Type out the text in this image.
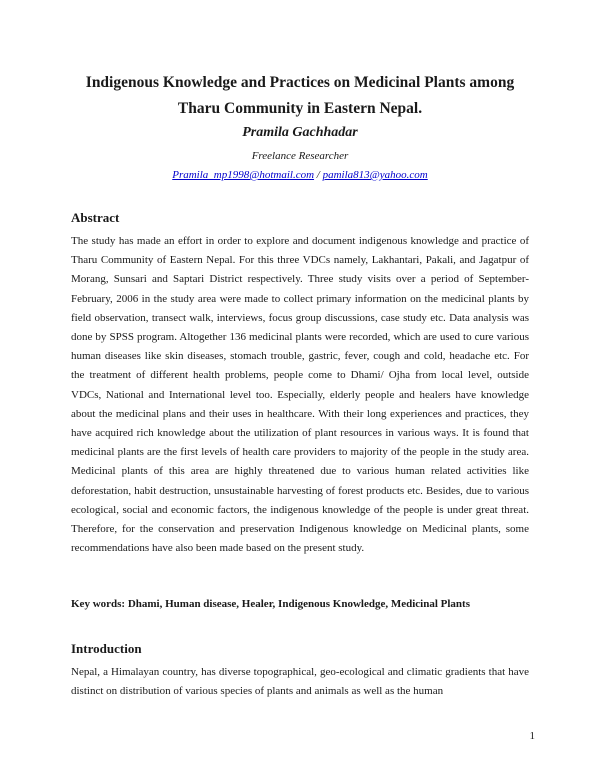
Indigenous Knowledge and Practices on Medicinal Plants among
Tharu Community in Eastern Nepal.

Pramila Gachhadar

Freelance Researcher

Pramila_mp1998@hotmail.com / pamila813@yahoo.com

Abstract

The study has made an effort in order to explore and document indigenous knowledge and practice of Tharu Community of Eastern Nepal. For this three VDCs namely, Lakhantari, Pakali, and Jagatpur of Morang, Sunsari and Saptari District respectively. Three study visits over a period of September-February, 2006 in the study area were made to collect primary information on the medicinal plants by field observation, transect walk, interviews, focus group discussions, case study etc. Data analysis was done by SPSS program. Altogether 136 medicinal plants were recorded, which are used to cure various human diseases like skin diseases, stomach trouble, gastric, fever, cough and cold, headache etc. For the treatment of different health problems, people come to Dhami/ Ojha from local level, outside VDCs, National and International level too. Especially, elderly people and healers have knowledge about the medicinal plans and their uses in healthcare. With their long experiences and practices, they have acquired rich knowledge about the utilization of plant resources in various ways. It is found that medicinal plants are the first levels of health care providers to majority of the people in the study area. Medicinal plants of this area are highly threatened due to various human related activities like deforestation, habit destruction, unsustainable harvesting of forest products etc. Besides, due to various ecological, social and economic factors, the indigenous knowledge of the people is under great threat. Therefore, for the conservation and preservation Indigenous knowledge on Medicinal plants, some recommendations have also been made based on the present study.

Key words: Dhami, Human disease, Healer, Indigenous Knowledge, Medicinal Plants

Introduction

Nepal, a Himalayan country, has diverse topographical, geo-ecological and climatic gradients that have distinct on distribution of various species of plants and animals as well as the human

1
